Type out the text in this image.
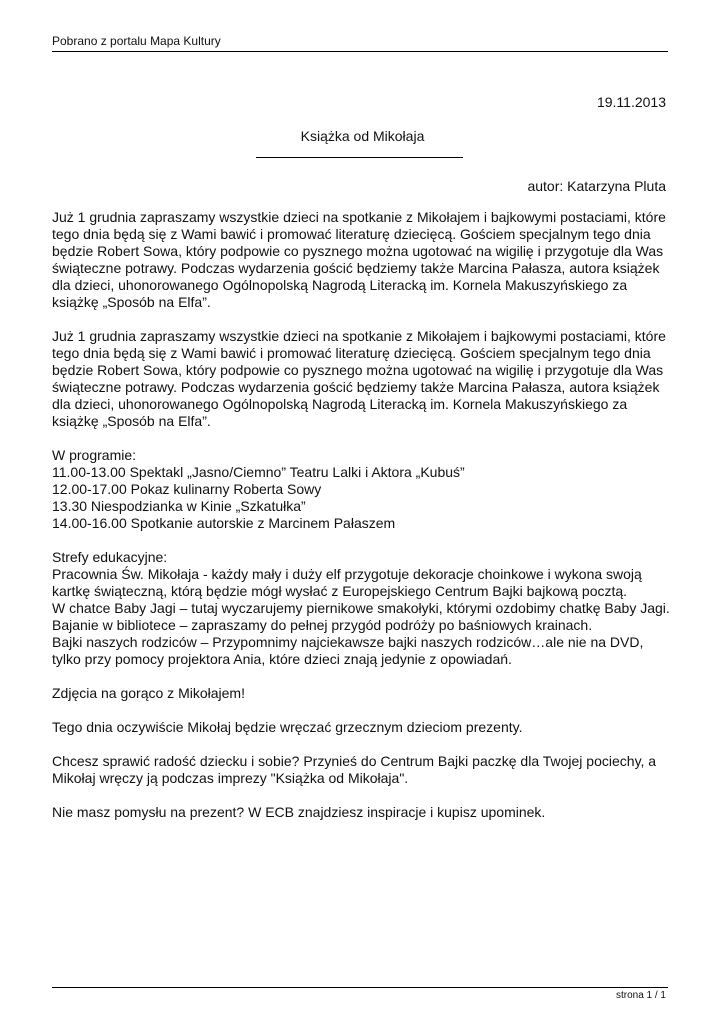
Pobrano z portalu Mapa Kultury
19.11.2013
Książka od Mikołaja
autor: Katarzyna Pluta

Już 1 grudnia zapraszamy wszystkie dzieci na spotkanie z Mikołajem i bajkowymi postaciami, które tego dnia będą się z Wami bawić i promować literaturę dziecięcą. Gościem specjalnym tego dnia będzie Robert Sowa, który podpowie co pysznego można ugotować na wigilię i przygotuje dla Was świąteczne potrawy. Podczas wydarzenia gościć będziemy także Marcina Pałasza, autora książek dla dzieci, uhonorowanego Ogólnopolską Nagrodą Literacką im. Kornela Makuszyńskiego za książkę „Sposób na Elfa”.

Już 1 grudnia zapraszamy wszystkie dzieci na spotkanie z Mikołajem i bajkowymi postaciami, które tego dnia będą się z Wami bawić i promować literaturę dziecięcą. Gościem specjalnym tego dnia będzie Robert Sowa, który podpowie co pysznego można ugotować na wigilię i przygotuje dla Was świąteczne potrawy. Podczas wydarzenia gościć będziemy także Marcina Pałasza, autora książek dla dzieci, uhonorowanego Ogólnopolską Nagrodą Literacką im. Kornela Makuszyńskiego za książkę „Sposób na Elfa”.

W programie:
11.00-13.00 Spektakl „Jasno/Ciemno” Teatru Lalki i Aktora „Kubuś”
12.00-17.00 Pokaz kulinarny Roberta Sowy
13.30 Niespodzianka w Kinie „Szkatułka”
14.00-16.00 Spotkanie autorskie z Marcinem Pałaszem

Strefy edukacyjne:
Pracownia Św. Mikołaja - każdy mały i duży elf przygotuje dekoracje choinkowe i wykona swoją kartkę świąteczną, którą będzie mógł wysłać z Europejskiego Centrum Bajki bajkową pocztą.
W chatce Baby Jagi – tutaj wyczarujemy piernikowe smakołyki, którymi ozdobimy chatkę Baby Jagi.
Bajanie w bibliotece – zapraszamy do pełnej przygód podróży po baśniowych krainach.
Bajki naszych rodziców – Przypomnimy najciekawsze bajki naszych rodziców…ale nie na DVD, tylko przy pomocy projektora Ania, które dzieci znają jedynie z opowiadań.

Zdjęcia na gorąco z Mikołajem!

Tego dnia oczywiście Mikołaj będzie wręczać grzecznym dzieciom prezenty.

Chcesz sprawić radość dziecku i sobie? Przynieś do Centrum Bajki paczkę dla Twojej pociechy, a Mikołaj wręczy ją podczas imprezy "Książka od Mikołaja".

Nie masz pomysłu na prezent? W ECB znajdziesz inspiracje i kupisz upominek.

strona 1 / 1
